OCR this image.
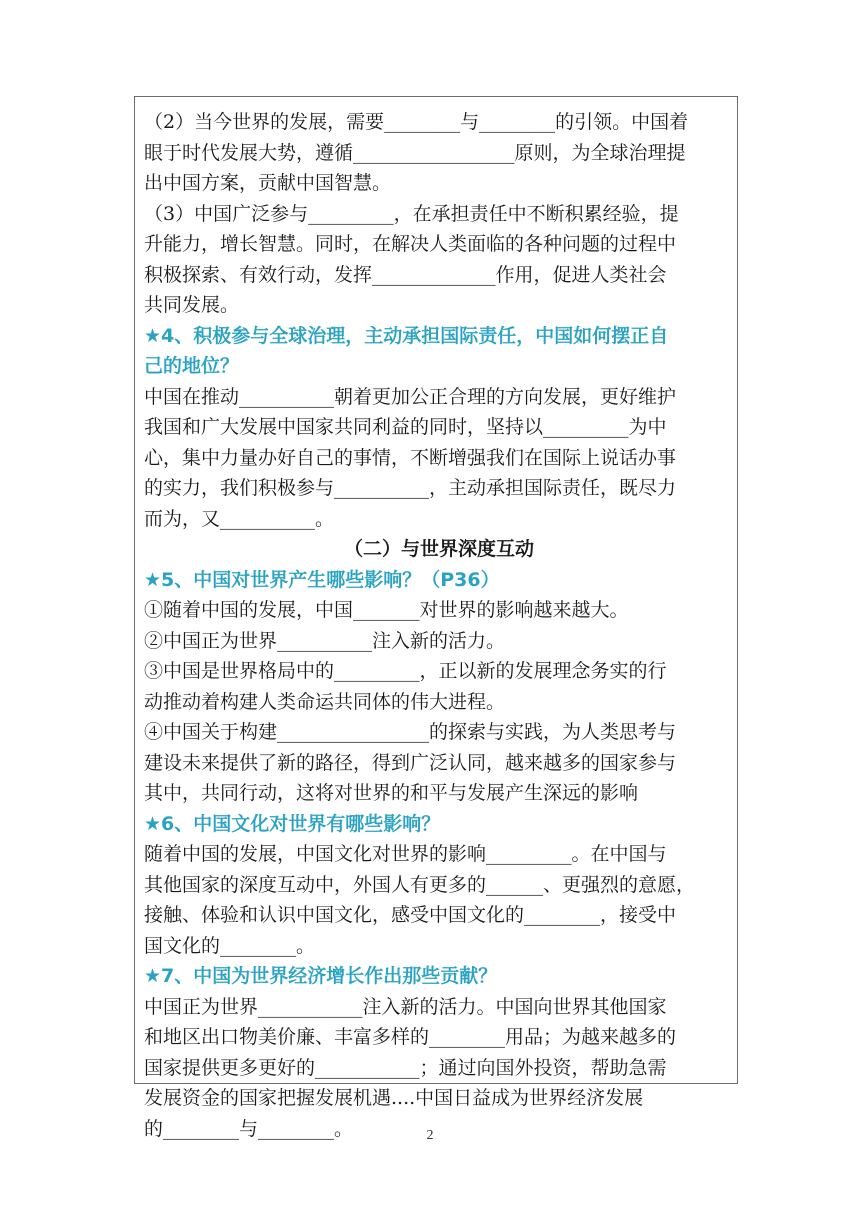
（2）当今世界的发展，需要________与________的引领。中国着

眼于时代发展大势，遵循_________________原则，为全球治理提

出中国方案，贡献中国智慧。

（3）中国广泛参与_________，在承担责任中不断积累经验，提

升能力，增长智慧。同时，在解决人类面临的各种问题的过程中

积极探索、有效行动，发挥_____________作用，促进人类社会

共同发展。

★4、积极参与全球治理，主动承担国际责任，中国如何摆正自

己的地位？

中国在推动__________朝着更加公正合理的方向发展，更好维护

我国和广大发展中国家共同利益的同时，坚持以_________为中

心，集中力量办好自己的事情，不断增强我们在国际上说话办事

的实力，我们积极参与__________，主动承担国际责任，既尽力

而为，又__________。

（二）与世界深度互动

★5、中国对世界产生哪些影响？（P36）

①随着中国的发展，中国_______对世界的影响越来越大。

②中国正为世界__________注入新的活力。

③中国是世界格局中的_________，正以新的发展理念务实的行

动推动着构建人类命运共同体的伟大进程。

④中国关于构建________________的探索与实践，为人类思考与

建设未来提供了新的路径，得到广泛认同，越来越多的国家参与

其中，共同行动，这将对世界的和平与发展产生深远的影响

★6、中国文化对世界有哪些影响？

随着中国的发展，中国文化对世界的影响_________。在中国与

其他国家的深度互动中，外国人有更多的______、更强烈的意愿，

接触、体验和认识中国文化，感受中国文化的________，接受中

国文化的________。

★7、中国为世界经济增长作出那些贡献？

中国正为世界___________注入新的活力。中国向世界其他国家

和地区出口物美价廉、丰富多样的________用品；为越来越多的

国家提供更多更好的___________；通过向国外投资，帮助急需

发展资金的国家把握发展机遇....中国日益成为世界经济发展

的________与________。	2
